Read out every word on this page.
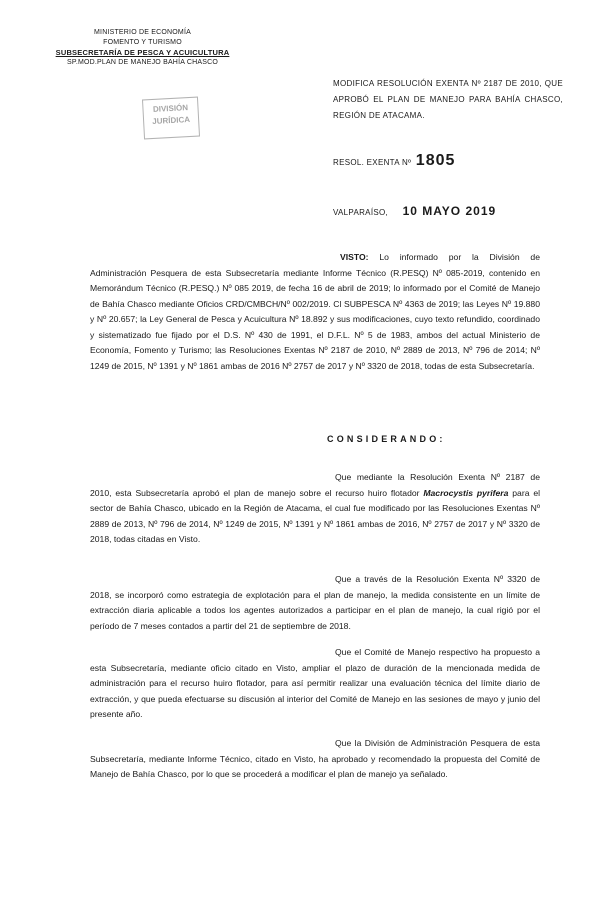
MINISTERIO DE ECONOMÍA
FOMENTO Y TURISMO
SUBSECRETARÍA DE PESCA Y ACUICULTURA
SP.MOD.PLAN DE MANEJO BAHÍA CHASCO
DIVISIÓN
JURÍDICA
MODIFICA RESOLUCIÓN EXENTA Nº 2187 DE 2010, QUE APROBÓ EL PLAN DE MANEJO PARA BAHÍA CHASCO, REGIÓN DE ATACAMA.
RESOL. EXENTA Nº 1805
VALPARAÍSO, 10 MAYO 2019
VISTO: Lo informado por la División de Administración Pesquera de esta Subsecretaría mediante Informe Técnico (R.PESQ) Nº 085-2019, contenido en Memorándum Técnico (R.PESQ.) Nº 085 2019, de fecha 16 de abril de 2019; lo informado por el Comité de Manejo de Bahía Chasco mediante Oficios CRD/CMBCH/Nº 002/2019. Cl SUBPESCA Nº 4363 de 2019; las Leyes Nº 19.880 y Nº 20.657; la Ley General de Pesca y Acuicultura Nº 18.892 y sus modificaciones, cuyo texto refundido, coordinado y sistematizado fue fijado por el D.S. Nº 430 de 1991, el D.F.L. Nº 5 de 1983, ambos del actual Ministerio de Economía, Fomento y Turismo; las Resoluciones Exentas Nº 2187 de 2010, Nº 2889 de 2013, Nº 796 de 2014; Nº 1249 de 2015, Nº 1391 y Nº 1861 ambas de 2016 Nº 2757 de 2017 y Nº 3320 de 2018, todas de esta Subsecretaría.
CONSIDERANDO:
Que mediante la Resolución Exenta Nº 2187 de 2010, esta Subsecretaría aprobó el plan de manejo sobre el recurso huiro flotador Macrocystis pyrifera para el sector de Bahía Chasco, ubicado en la Región de Atacama, el cual fue modificado por las Resoluciones Exentas Nº 2889 de 2013, Nº 796 de 2014, Nº 1249 de 2015, Nº 1391 y Nº 1861 ambas de 2016, Nº 2757 de 2017 y Nº 3320 de 2018, todas citadas en Visto.
Que a través de la Resolución Exenta Nº 3320 de 2018, se incorporó como estrategia de explotación para el plan de manejo, la medida consistente en un límite de extracción diaria aplicable a todos los agentes autorizados a participar en el plan de manejo, la cual rigió por el período de 7 meses contados a partir del 21 de septiembre de 2018.
Que el Comité de Manejo respectivo ha propuesto a esta Subsecretaría, mediante oficio citado en Visto, ampliar el plazo de duración de la mencionada medida de administración para el recurso huiro flotador, para así permitir realizar una evaluación técnica del límite diario de extracción, y que pueda efectuarse su discusión al interior del Comité de Manejo en las sesiones de mayo y junio del presente año.
Que la División de Administración Pesquera de esta Subsecretaría, mediante Informe Técnico, citado en Visto, ha aprobado y recomendado la propuesta del Comité de Manejo de Bahía Chasco, por lo que se procederá a modificar el plan de manejo ya señalado.
